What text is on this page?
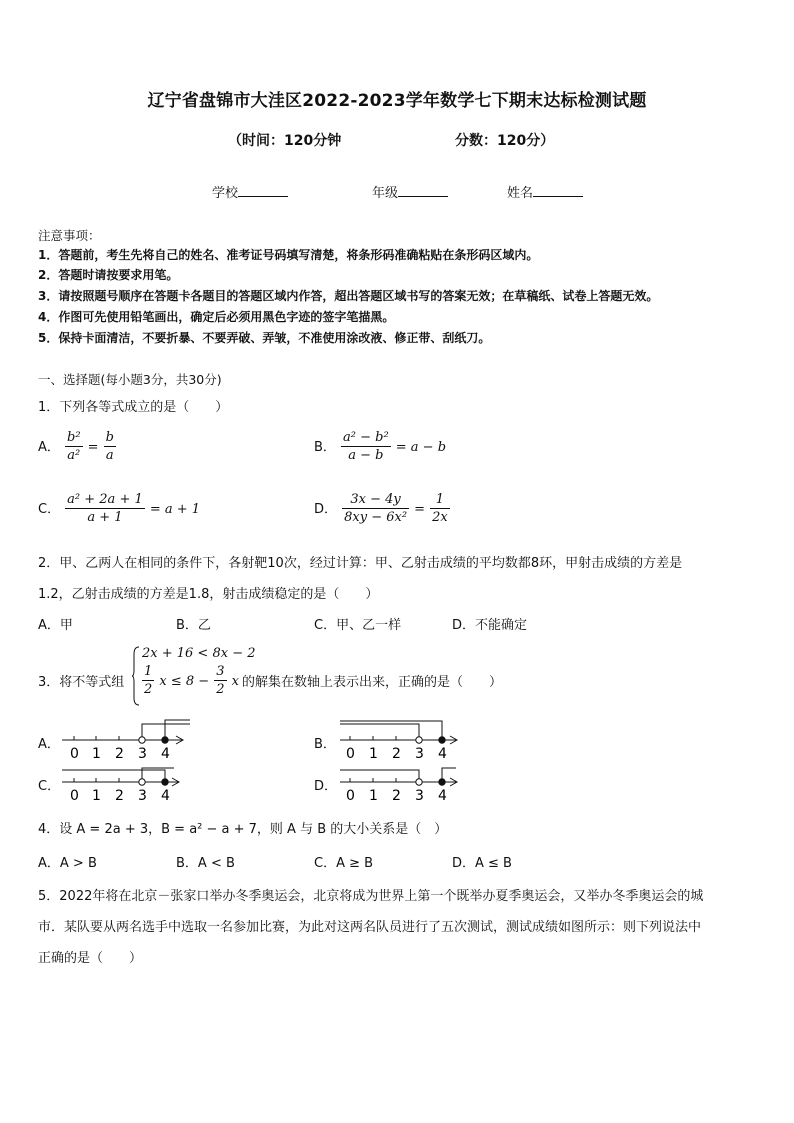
辽宁省盘锦市大洼区2022-2023学年数学七下期末达标检测试题
（时间：120分钟	分数：120分）
学校	年级	姓名
注意事项：
1．答题前，考生先将自己的姓名、准考证号码填写清楚，将条形码准确粘贴在条形码区域内。
2．答题时请按要求用笔。
3．请按照题号顺序在答题卡各题目的答题区域内作答，超出答题区域书写的答案无效；在草稿纸、试卷上答题无效。
4．作图可先使用铅笔画出，确定后必须用黑色字迹的签字笔描黑。
5．保持卡面清洁，不要折暴、不要弄破、弄皱，不准使用涂改液、修正带、刮纸刀。
一、选择题(每小题3分，共30分)
1．下列各等式成立的是（　　）
A． $\frac{\text{b²}}{\text{a²}} = \frac{b}{a}$	B． $\frac{\text{a² − b²}}{a - b} = a - b$
C． $\frac{\text{a² + 2a + 1}}{a + 1} = a + 1$	D． $\frac{3x - 4y}{\text{8xy − 6x²}} = \frac{1}{2x}$
2．甲、乙两人在相同的条件下，各射靶10次，经过计算：甲、乙射击成绩的平均数都8环，甲射击成绩的方差是
1.2，乙射击成绩的方差是1.8，射击成绩稳定的是（　　）
A．甲	B．乙	C．甲、乙一样	D．不能确定
3．将不等式组
2x + 16 < 8x − 2
$\frac{1}{2}$ $x \le 8 - \frac{3}{2}$ x 的解集在数轴上表示出来，正确的是（　　）
A．	B．
C．	D．
0 1 2 3 4	0 1 2 3 4
0 1 2 3 4	0 1 2 3 4
4．设 A = 2a + 3，B = a² − a + 7，则 A 与 B 的大小关系是（　）
A．A > B	B．A < B	C．A ≥ B	D．A ≤ B
5．2022年将在北京－张家口举办冬季奥运会，北京将成为世界上第一个既举办夏季奥运会，又举办冬季奥运会的城
市．某队要从两名选手中选取一名参加比赛，为此对这两名队员进行了五次测试，测试成绩如图所示：则下列说法中
正确的是（　　）
